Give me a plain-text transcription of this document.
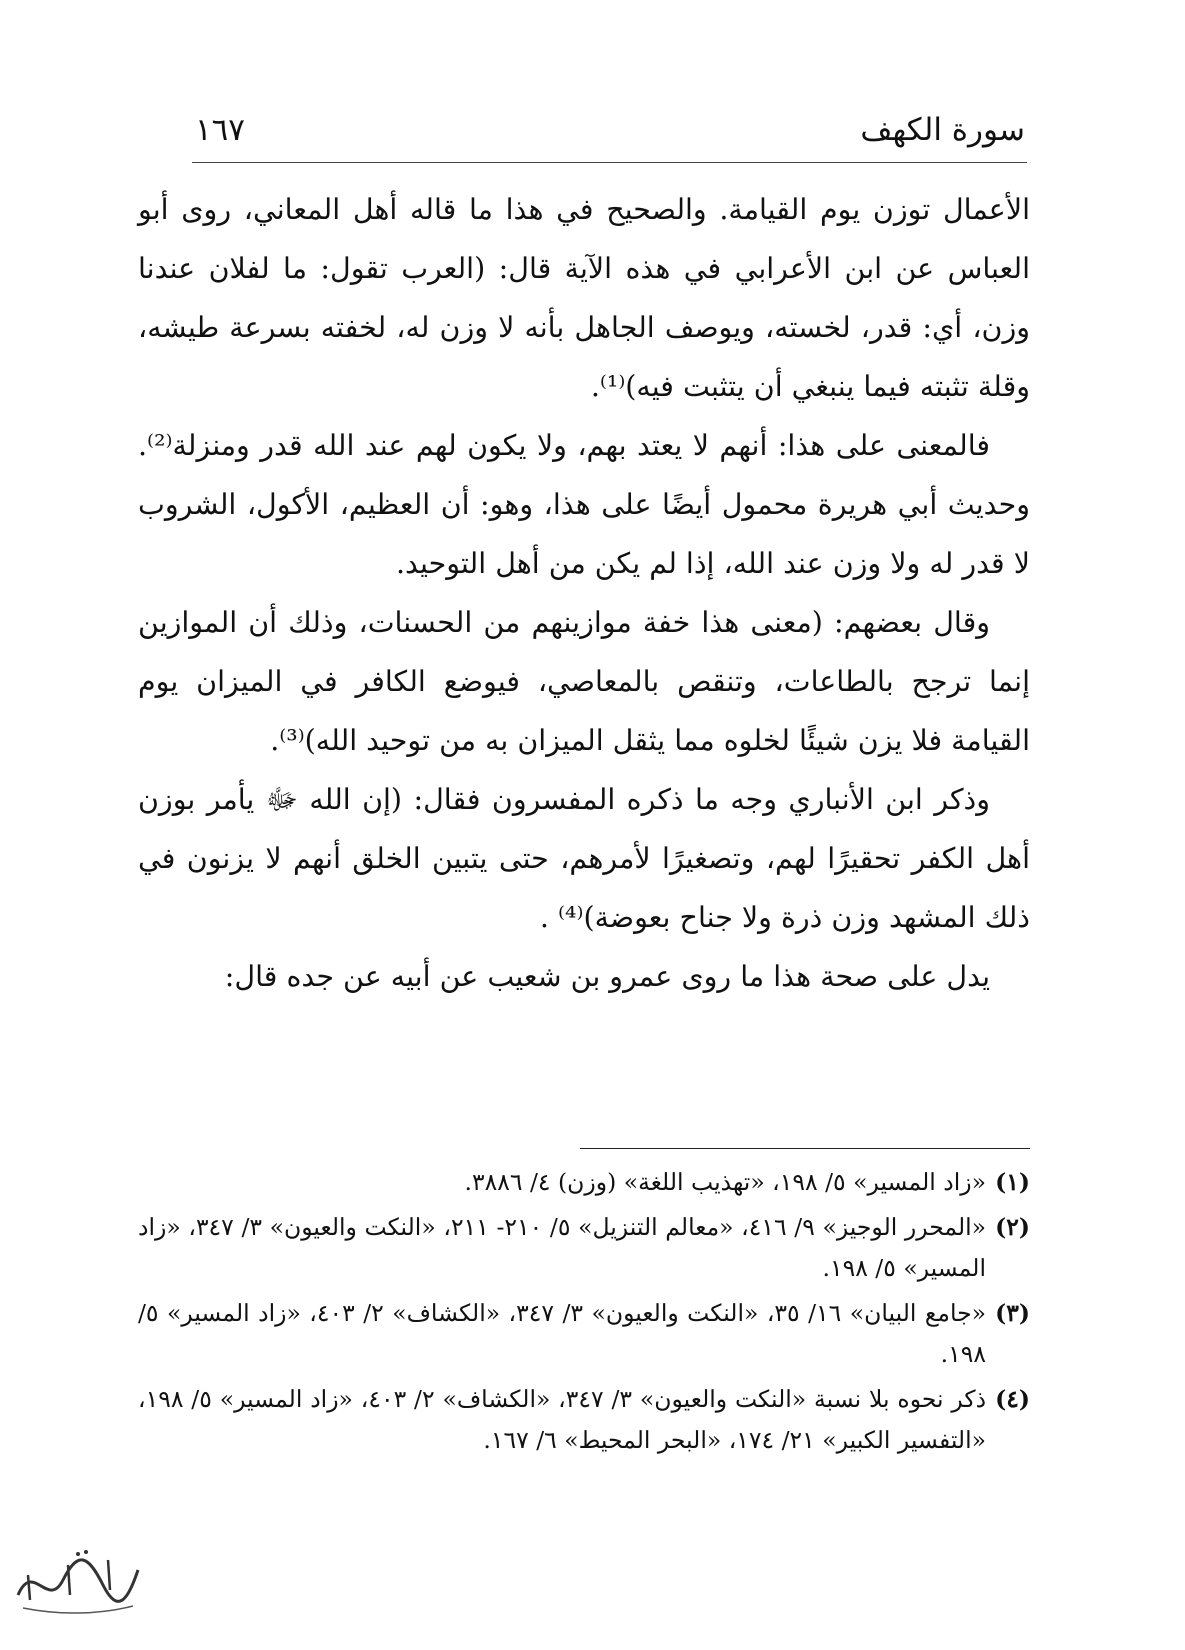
سورة الكهف
١٦٧

الأعمال توزن يوم القيامة. والصحيح في هذا ما قاله أهل المعاني، روى أبو العباس عن ابن الأعرابي في هذه الآية قال: (العرب تقول: ما لفلان عندنا وزن، أي: قدر، لخسته، ويوصف الجاهل بأنه لا وزن له، لخفته بسرعة طيشه، وقلة تثبته فيما ينبغي أن يتثبت فيه)⁽¹⁾.

فالمعنى على هذا: أنهم لا يعتد بهم، ولا يكون لهم عند الله قدر ومنزلة⁽²⁾. وحديث أبي هريرة محمول أيضًا على هذا، وهو: أن العظيم، الأكول، الشروب لا قدر له ولا وزن عند الله، إذا لم يكن من أهل التوحيد.

وقال بعضهم: (معنى هذا خفة موازينهم من الحسنات، وذلك أن الموازين إنما ترجح بالطاعات، وتنقص بالمعاصي، فيوضع الكافر في الميزان يوم القيامة فلا يزن شيئًا لخلوه مما يثقل الميزان به من توحيد الله)⁽³⁾.

وذكر ابن الأنباري وجه ما ذكره المفسرون فقال: (إن الله ﷻ يأمر بوزن أهل الكفر تحقيرًا لهم، وتصغيرًا لأمرهم، حتى يتبين الخلق أنهم لا يزنون في ذلك المشهد وزن ذرة ولا جناح بعوضة)⁽⁴⁾ .

يدل على صحة هذا ما روى عمرو بن شعيب عن أبيه عن جده قال:

(١)
«زاد المسير» ٥/ ١٩٨، «تهذيب اللغة» (وزن) ٤/ ٣٨٨٦.
(٢)
«المحرر الوجيز» ٩/ ٤١٦، «معالم التنزيل» ٥/ ٢١٠- ٢١١، «النكت والعيون» ٣/ ٣٤٧، «زاد المسير» ٥/ ١٩٨.
(٣)
«جامع البيان» ١٦/ ٣٥، «النكت والعيون» ٣/ ٣٤٧، «الكشاف» ٢/ ٤٠٣، «زاد المسير» ٥/ ١٩٨.
(٤)
ذكر نحوه بلا نسبة «النكت والعيون» ٣/ ٣٤٧، «الكشاف» ٢/ ٤٠٣، «زاد المسير» ٥/ ١٩٨، «التفسير الكبير» ٢١/ ١٧٤، «البحر المحيط» ٦/ ١٦٧.
